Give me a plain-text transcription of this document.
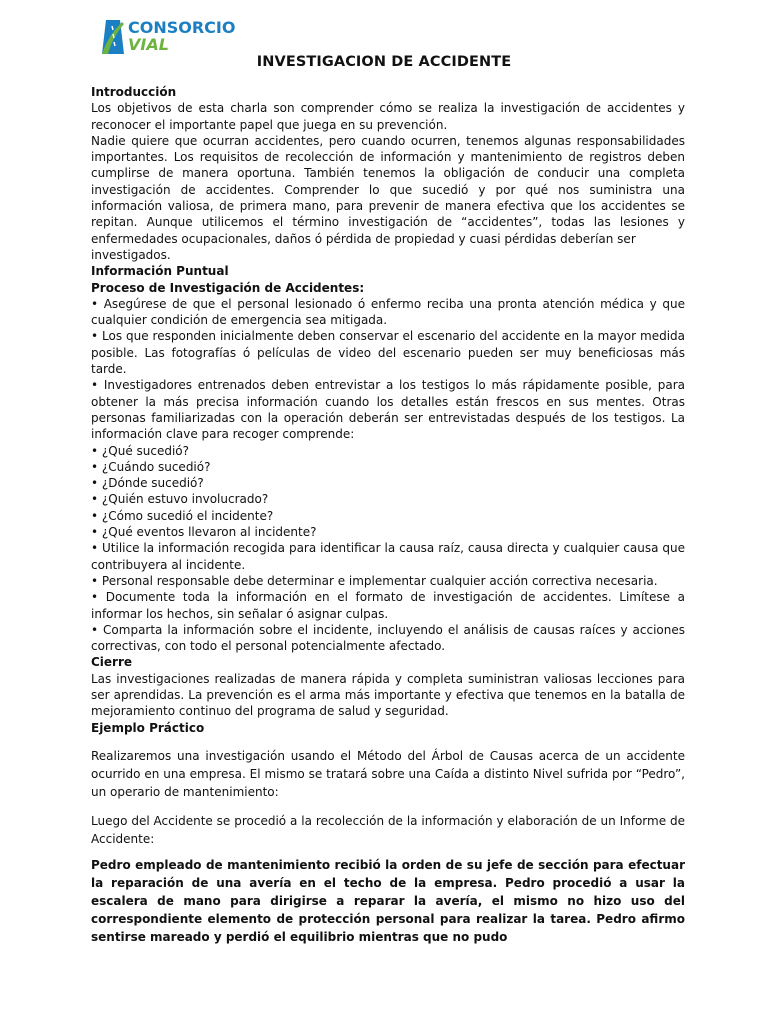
CONSORCIO
VIAL
INVESTIGACION DE ACCIDENTE

Introducción

Los objetivos de esta charla son comprender cómo se realiza la investigación de accidentes y reconocer el importante papel que juega en su prevención.

Nadie quiere que ocurran accidentes, pero cuando ocurren, tenemos algunas responsabilidades importantes. Los requisitos de recolección de información y mantenimiento de registros deben cumplirse de manera oportuna. También tenemos la obligación de conducir una completa investigación de accidentes. Comprender lo que sucedió y por qué nos suministra una información valiosa, de primera mano, para prevenir de manera efectiva que los accidentes se repitan. Aunque utilicemos el término investigación de “accidentes”, todas las lesiones y enfermedades ocupacionales, daños ó pérdida de propiedad y cuasi pérdidas deberían ser

investigados.

Información Puntual

Proceso de Investigación de Accidentes:

• Asegúrese de que el personal lesionado ó enfermo reciba una pronta atención médica y que cualquier condición de emergencia sea mitigada.

• Los que responden inicialmente deben conservar el escenario del accidente en la mayor medida posible. Las fotografías ó películas de video del escenario pueden ser muy beneficiosas más tarde.

• Investigadores entrenados deben entrevistar a los testigos lo más rápidamente posible, para obtener la más precisa información cuando los detalles están frescos en sus mentes. Otras personas familiarizadas con la operación deberán ser entrevistadas después de los testigos. La información clave para recoger comprende:

• ¿Qué sucedió?

• ¿Cuándo sucedió?

• ¿Dónde sucedió?

• ¿Quién estuvo involucrado?

• ¿Cómo sucedió el incidente?

• ¿Qué eventos llevaron al incidente?

• Utilice la información recogida para identificar la causa raíz, causa directa y cualquier causa que contribuyera al incidente.

• Personal responsable debe determinar e implementar cualquier acción correctiva necesaria.

• Documente toda la información en el formato de investigación de accidentes. Limítese a informar los hechos, sin señalar ó asignar culpas.

• Comparta la información sobre el incidente, incluyendo el análisis de causas raíces y acciones correctivas, con todo el personal potencialmente afectado.

Cierre

Las investigaciones realizadas de manera rápida y completa suministran valiosas lecciones para ser aprendidas. La prevención es el arma más importante y efectiva que tenemos en la batalla de mejoramiento continuo del programa de salud y seguridad.

Ejemplo Práctico

Realizaremos una investigación usando el Método del Árbol de Causas acerca de un accidente ocurrido en una empresa. El mismo se tratará sobre una Caída a distinto Nivel sufrida por “Pedro”, un operario de mantenimiento:

Luego del Accidente se procedió a la recolección de la información y elaboración de un Informe de Accidente:

Pedro empleado de mantenimiento recibió la orden de su jefe de sección para efectuar la reparación de una avería en el techo de la empresa. Pedro procedió a usar la escalera de mano para dirigirse a reparar la avería, el mismo no hizo uso del correspondiente elemento de protección personal para realizar la tarea. Pedro afirmo sentirse mareado y perdió el equilibrio mientras que no pudo
